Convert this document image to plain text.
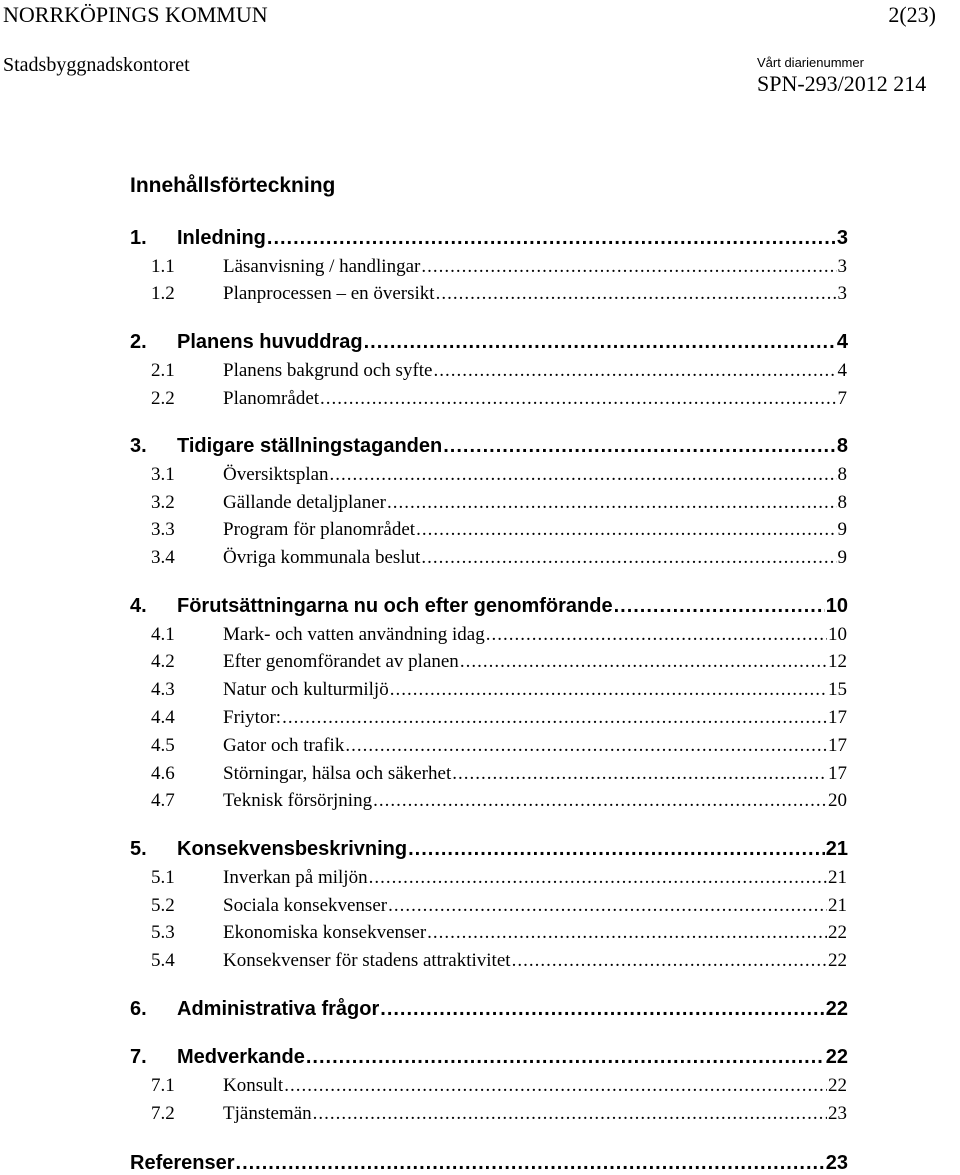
NORRKÖPINGS KOMMUN	2(23)
Stadsbyggnadskontoret	Vårt diarienummer
SPN-293/2012 214
Innehållsförteckning
1.	Inledning .....	3
1.1	Läsanvisning / handlingar .....	3
1.2	Planprocessen – en översikt .....	3
2.	Planens huvuddrag .....	4
2.1	Planens bakgrund och syfte .....	4
2.2	Planområdet .....	7
3.	Tidigare ställningstaganden .....	8
3.1	Översiktsplan .....	8
3.2	Gällande detaljplaner .....	8
3.3	Program för planområdet .....	9
3.4	Övriga kommunala beslut .....	9
4.	Förutsättningarna nu och efter genomförande .....	10
4.1	Mark- och vatten användning idag .....	10
4.2	Efter genomförandet av planen .....	12
4.3	Natur och kulturmiljö .....	15
4.4	Friytor: .....	17
4.5	Gator och trafik .....	17
4.6	Störningar, hälsa och säkerhet .....	17
4.7	Teknisk försörjning .....	20
5.	Konsekvensbeskrivning .....	21
5.1	Inverkan på miljön .....	21
5.2	Sociala konsekvenser .....	21
5.3	Ekonomiska konsekvenser .....	22
5.4	Konsekvenser för stadens attraktivitet .....	22
6.	Administrativa frågor .....	22
7.	Medverkande .....	22
7.1	Konsult .....	22
7.2	Tjänstemän .....	23
Referenser .....	23
